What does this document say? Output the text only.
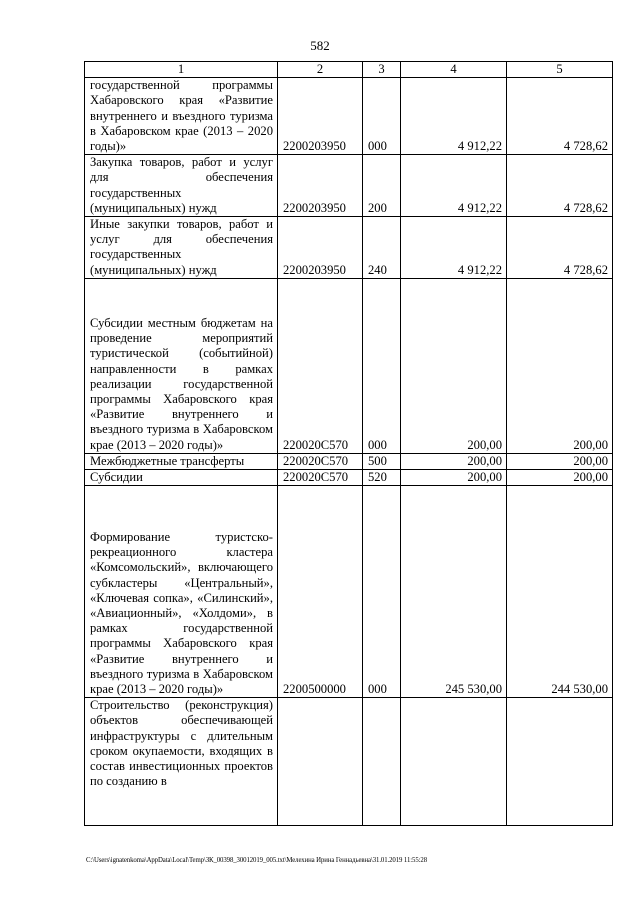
582
1	2	3	4	5
государственной программы Хабаровского края «Развитие внутреннего и въездного туризма в Хабаровском крае (2013 – 2020 годы)»	2200203950	000	4 912,22	4 728,62
Закупка товаров, работ и услуг для обеспечения государственных (муниципальных) нужд	2200203950	200	4 912,22	4 728,62
Иные закупки товаров, работ и услуг для обеспечения государственных (муниципальных) нужд	2200203950	240	4 912,22	4 728,62
Субсидии местным бюджетам на проведение мероприятий туристической (событийной) направленности в рамках реализации государственной программы Хабаровского края «Развитие внутреннего и въездного туризма в Хабаровском крае (2013 – 2020 годы)»	220020С570	000	200,00	200,00
Межбюджетные трансферты	220020С570	500	200,00	200,00
Субсидии	220020С570	520	200,00	200,00
Формирование туристско-рекреационного кластера «Комсомольский», включающего субкластеры «Центральный», «Ключевая сопка», «Силинский», «Авиационный», «Холдоми», в рамках государственной программы Хабаровского края «Развитие внутреннего и въездного туризма в Хабаровском крае (2013 – 2020 годы)»	2200500000	000	245 530,00	244 530,00
Строительство (реконструкция) объектов обеспечивающей инфраструктуры с длительным сроком окупаемости, входящих в состав инвестиционных проектов по созданию в				
C:\Users\ignatenkoma\AppData\Local\Temp\ЗК_00398_30012019_005.txt\Мелехина Ирина Геннадьевна\31.01.2019 11:55:28
